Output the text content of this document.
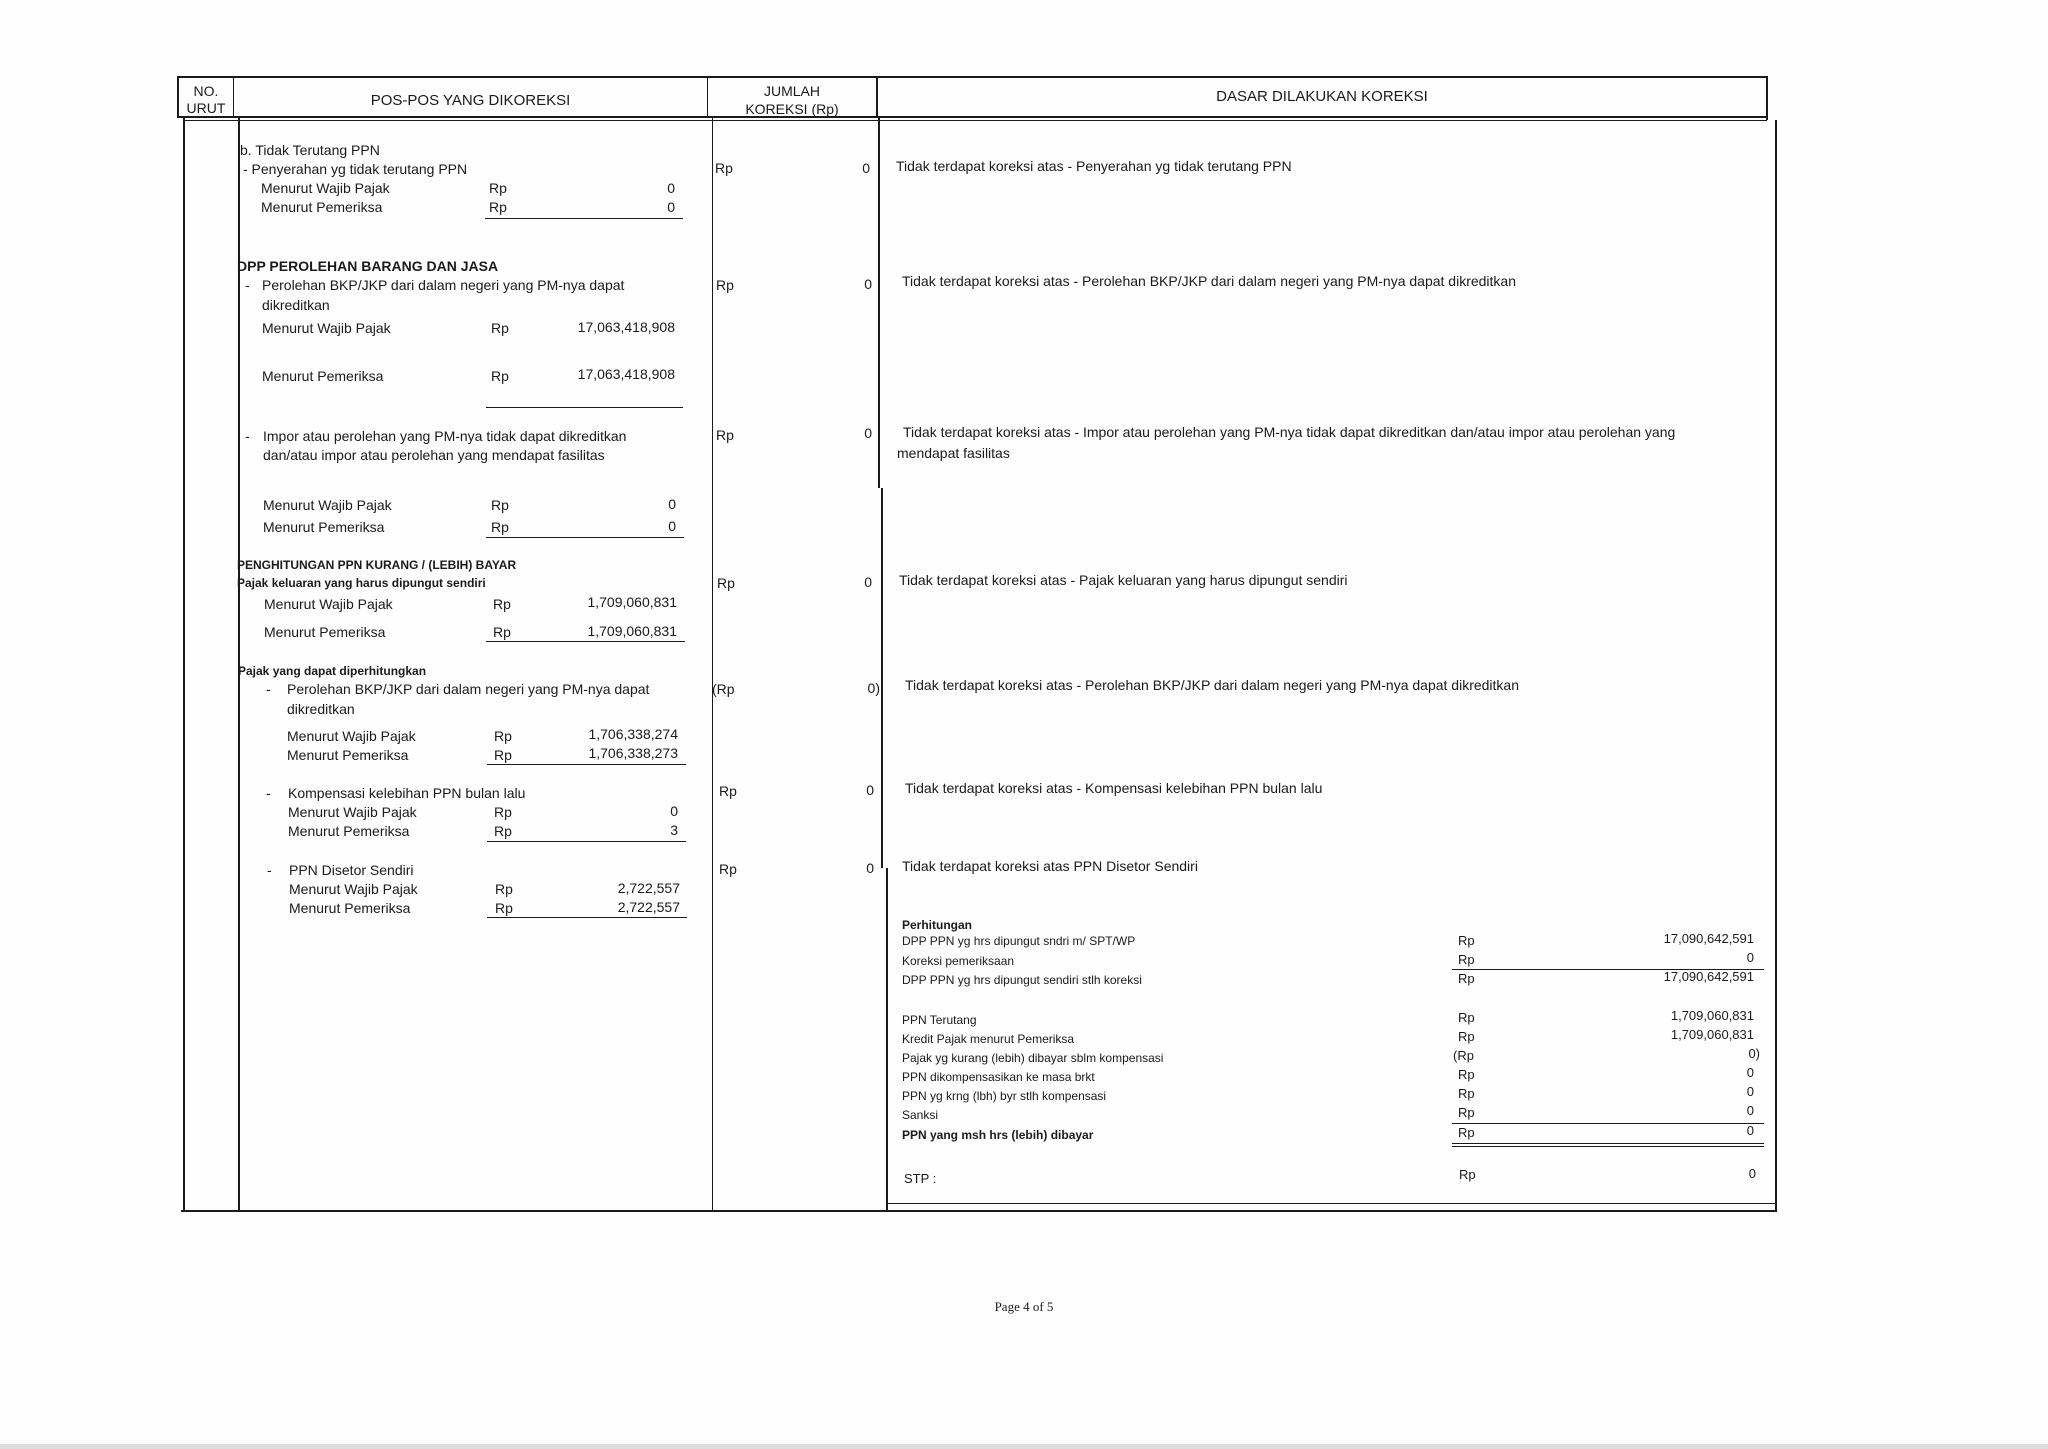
NO.
URUT	POS-POS YANG DIKOREKSI
JUMLAH
KOREKSI (Rp)
DASAR DILAKUKAN KOREKSI
b. Tidak Terutang PPN
- Penyerahan yg tidak terutang PPN
Menurut Wajib Pajak	Rp	0
Menurut Pemeriksa	Rp	0
Rp	0 Tidak terdapat koreksi atas - Penyerahan yg tidak terutang PPN
DPP PEROLEHAN BARANG DAN JASA
- Perolehan BKP/JKP dari dalam negeri yang PM-nya dapat
dikreditkan
Menurut Wajib Pajak	Rp	17,063,418,908
Menurut Pemeriksa	Rp	17,063,418,908
Rp	0 Tidak terdapat koreksi atas - Perolehan BKP/JKP dari dalam negeri yang PM-nya dapat dikreditkan
- Impor atau perolehan yang PM-nya tidak dapat dikreditkan
dan/atau impor atau perolehan yang mendapat fasilitas
Menurut Wajib Pajak	Rp	0
Menurut Pemeriksa	Rp	0
Rp	0 Tidak terdapat koreksi atas - Impor atau perolehan yang PM-nya tidak dapat dikreditkan dan/atau impor atau perolehan yang
mendapat fasilitas
PENGHITUNGAN PPN KURANG / (LEBIH) BAYAR
Pajak keluaran yang harus dipungut sendiri
Menurut Wajib Pajak	Rp	1,709,060,831
Menurut Pemeriksa	Rp	1,709,060,831
Rp	0 Tidak terdapat koreksi atas - Pajak keluaran yang harus dipungut sendiri
Pajak yang dapat diperhitungkan
- Perolehan BKP/JKP dari dalam negeri yang PM-nya dapat
dikreditkan
Menurut Wajib Pajak	Rp	1,706,338,274
Menurut Pemeriksa	Rp	1,706,338,273
(Rp	0) Tidak terdapat koreksi atas - Perolehan BKP/JKP dari dalam negeri yang PM-nya dapat dikreditkan
- Kompensasi kelebihan PPN bulan lalu
Menurut Wajib Pajak	Rp	0
Menurut Pemeriksa	Rp	3
Rp	0 Tidak terdapat koreksi atas - Kompensasi kelebihan PPN bulan lalu
- PPN Disetor Sendiri
Menurut Wajib Pajak	Rp	2,722,557
Menurut Pemeriksa	Rp	2,722,557
Rp	0 Tidak terdapat koreksi atas PPN Disetor Sendiri
Perhitungan
DPP PPN yg hrs dipungut sndri m/ SPT/WP	Rp	17,090,642,591
Koreksi pemeriksaan	Rp	0
DPP PPN yg hrs dipungut sendiri stlh koreksi	Rp	17,090,642,591
PPN Terutang	Rp	1,709,060,831
Kredit Pajak menurut Pemeriksa	Rp	1,709,060,831
Pajak yg kurang (lebih) dibayar sblm kompensasi	(Rp	0)
PPN dikompensasikan ke masa brkt	Rp	0
PPN yg krng (lbh) byr stlh kompensasi	Rp	0
Sanksi	Rp	0
PPN yang msh hrs (lebih) dibayar	Rp	0
STP :	Rp	0
Page 4 of 5
